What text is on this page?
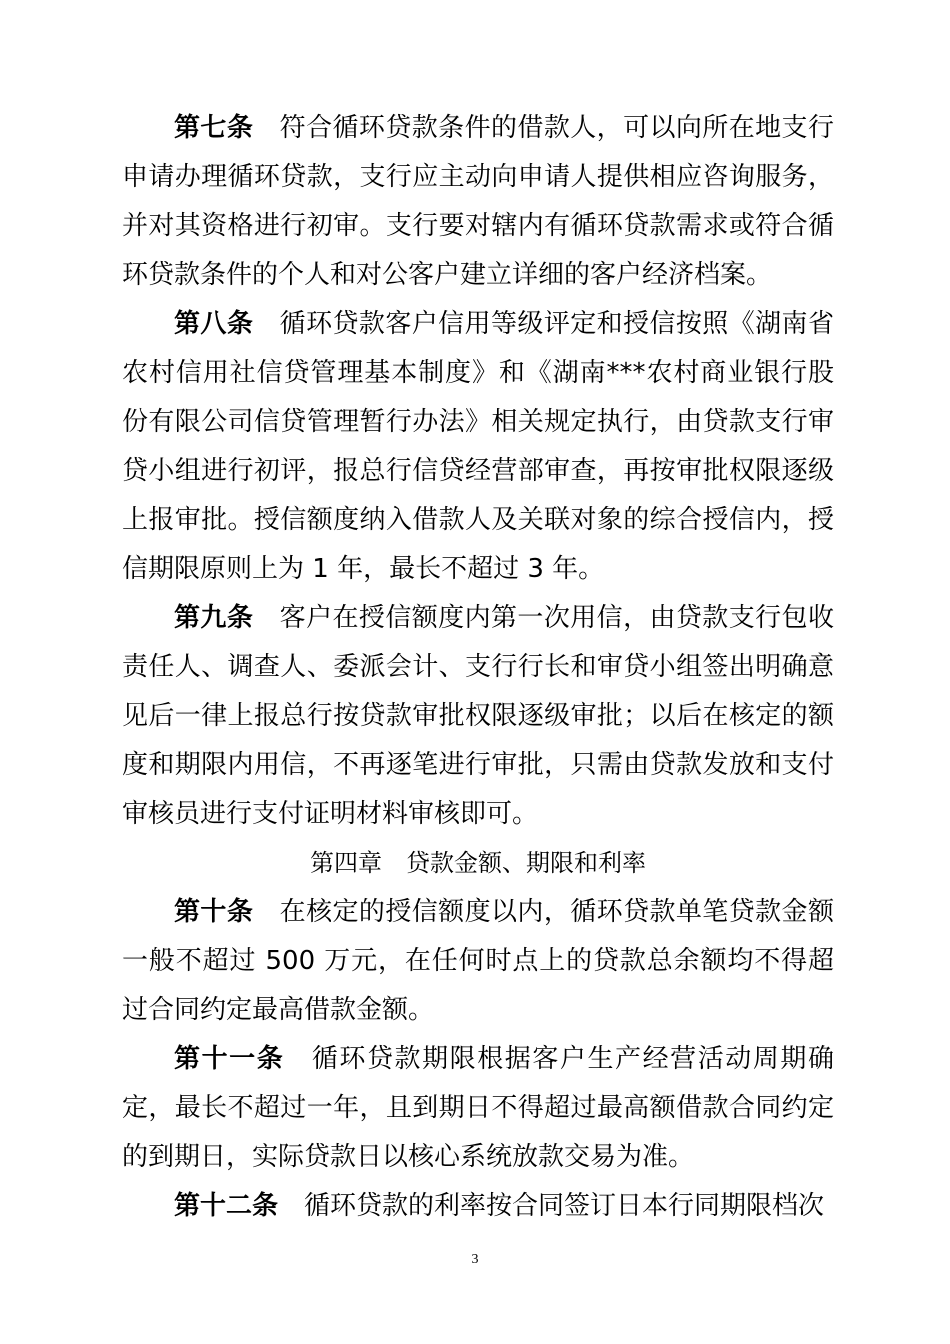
第七条 符合循环贷款条件的借款人，可以向所在地支行申请办理循环贷款，支行应主动向申请人提供相应咨询服务，并对其资格进行初审。支行要对辖内有循环贷款需求或符合循环贷款条件的个人和对公客户建立详细的客户经济档案。

第八条 循环贷款客户信用等级评定和授信按照《湖南省农村信用社信贷管理基本制度》和《湖南***农村商业银行股份有限公司信贷管理暂行办法》相关规定执行，由贷款支行审贷小组进行初评，报总行信贷经营部审查，再按审批权限逐级上报审批。授信额度纳入借款人及关联对象的综合授信内，授信期限原则上为 1 年，最长不超过 3 年。

第九条 客户在授信额度内第一次用信，由贷款支行包收责任人、调查人、委派会计、支行行长和审贷小组签出明确意见后一律上报总行按贷款审批权限逐级审批；以后在核定的额度和期限内用信，不再逐笔进行审批，只需由贷款发放和支付审核员进行支付证明材料审核即可。

第四章 贷款金额、期限和利率

第十条 在核定的授信额度以内，循环贷款单笔贷款金额一般不超过 500 万元，在任何时点上的贷款总余额均不得超过合同约定最高借款金额。

第十一条 循环贷款期限根据客户生产经营活动周期确定，最长不超过一年，且到期日不得超过最高额借款合同约定的到期日，实际贷款日以核心系统放款交易为准。

第十二条 循环贷款的利率按合同签订日本行同期限档次

3
